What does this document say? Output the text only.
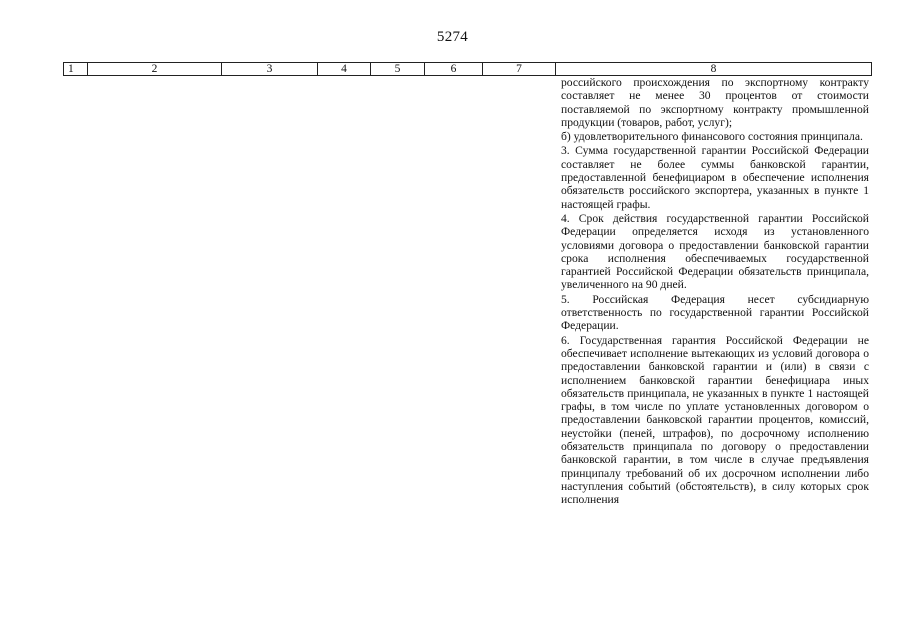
5274
1	2	3	4	5	6	7	8

российского происхождения по экспортному контракту составляет не менее 30 процентов от стоимости поставляемой по экспортному контракту промышленной продукции (товаров, работ, услуг);

б) удовлетворительного финансового состояния принципала.

3. Сумма государственной гарантии Российской Федерации составляет не более суммы банковской гарантии, предоставленной бенефициаром в обеспечение исполнения обязательств российского экспортера, указанных в пункте 1 настоящей графы.

4. Срок действия государственной гарантии Российской Федерации определяется исходя из установленного условиями договора о предоставлении банковской гарантии срока исполнения обеспечиваемых государственной гарантией Российской Федерации обязательств принципала, увеличенного на 90 дней.

5. Российская Федерация несет субсидиарную ответственность по государственной гарантии Российской Федерации.

6. Государственная гарантия Российской Федерации не обеспечивает исполнение вытекающих из условий договора о предоставлении банковской гарантии и (или) в связи с исполнением банковской гарантии бенефициара иных обязательств принципала, не указанных в пункте 1 настоящей графы, в том числе по уплате установленных договором о предоставлении банковской гарантии процентов, комиссий, неустойки (пеней, штрафов), по досрочному исполнению обязательств принципала по договору о предоставлении банковской гарантии, в том числе в случае предъявления принципалу требований об их досрочном исполнении либо наступления событий (обстоятельств), в силу которых срок исполнения
